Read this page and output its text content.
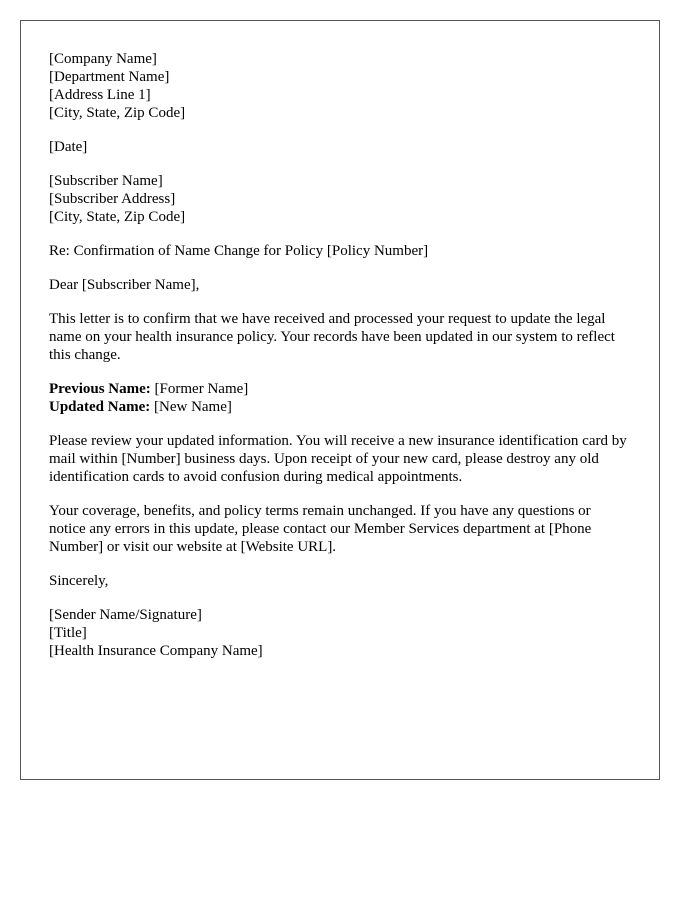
[Company Name]
[Department Name]
[Address Line 1]
[City, State, Zip Code]
[Date]
[Subscriber Name]
[Subscriber Address]
[City, State, Zip Code]

Re: Confirmation of Name Change for Policy [Policy Number]

Dear [Subscriber Name],

This letter is to confirm that we have received and processed your request to update the legal name on your health insurance policy. Your records have been updated in our system to reflect this change.

Previous Name: [Former Name]
Updated Name: [New Name]

Please review your updated information. You will receive a new insurance identification card by mail within [Number] business days. Upon receipt of your new card, please destroy any old identification cards to avoid confusion during medical appointments.

Your coverage, benefits, and policy terms remain unchanged. If you have any questions or notice any errors in this update, please contact our Member Services department at [Phone Number] or visit our website at [Website URL].

Sincerely,

[Sender Name/Signature]
[Title]
[Health Insurance Company Name]
